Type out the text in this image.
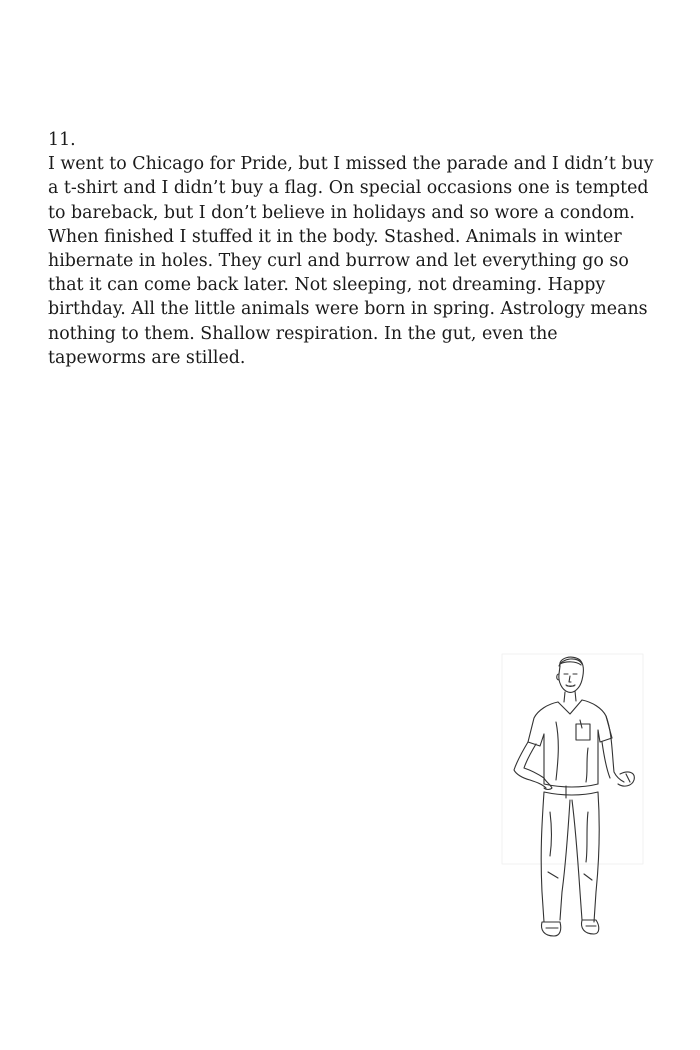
11.
I went to Chicago for Pride, but I missed the parade and I didn’t buy a t-shirt and I didn’t buy a flag. On special occasions one is tempted to bareback, but I don’t believe in holidays and so wore a condom. When finished I stuffed it in the body. Stashed. Animals in winter hibernate in holes. They curl and burrow and let everything go so that it can come back later. Not sleeping, not dreaming. Happy birthday. All the little animals were born in spring. Astrology means nothing to them. Shallow respiration. In the gut, even the tapeworms are stilled.
